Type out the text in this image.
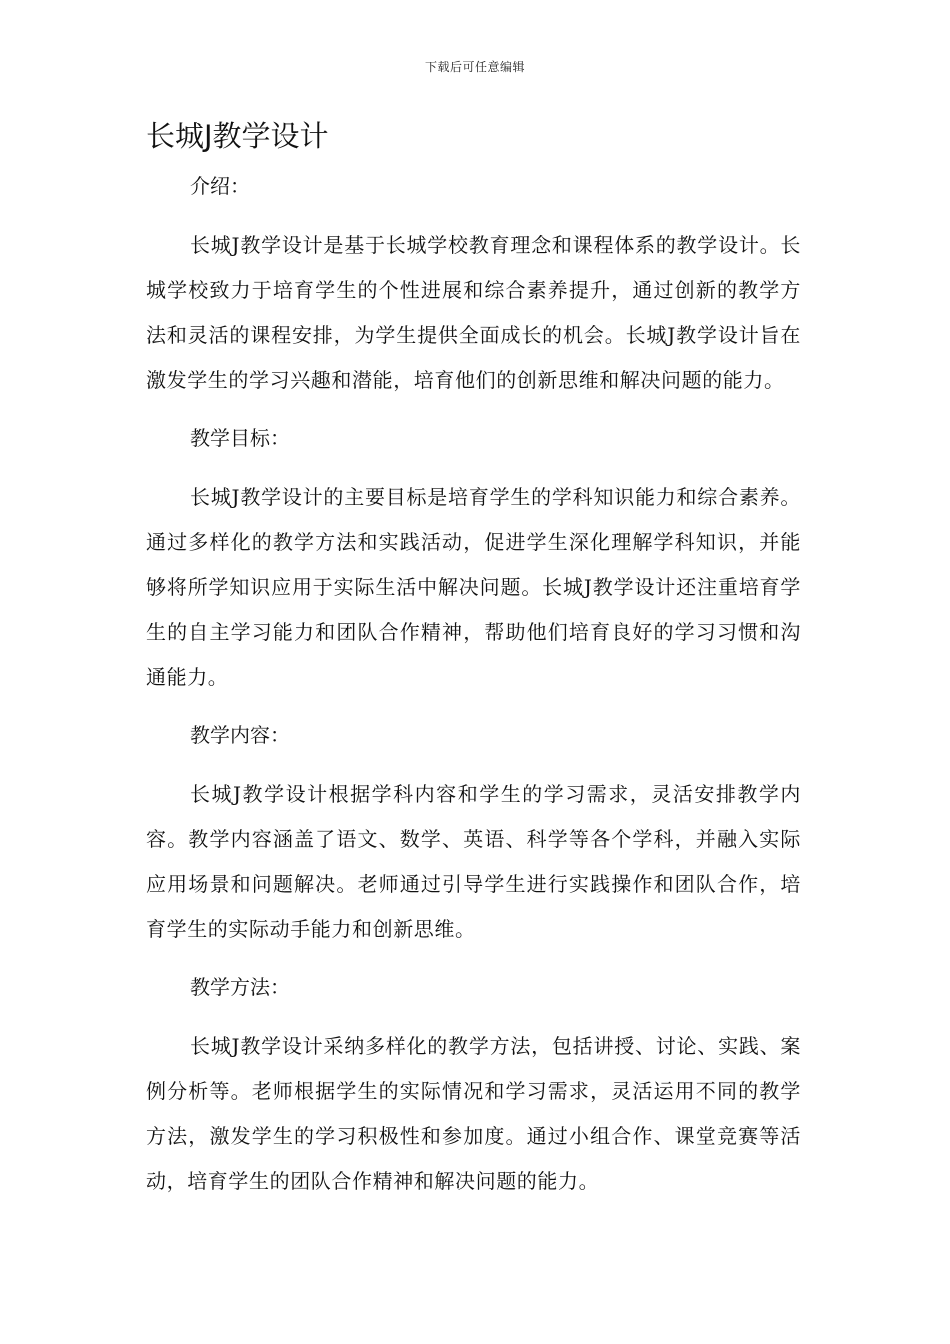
下载后可任意编辑
长城J教学设计
介绍：

长城J教学设计是基于长城学校教育理念和课程体系的教学设计。长城学校致力于培育学生的个性进展和综合素养提升，通过创新的教学方法和灵活的课程安排，为学生提供全面成长的机会。长城J教学设计旨在激发学生的学习兴趣和潜能，培育他们的创新思维和解决问题的能力。

教学目标：

长城J教学设计的主要目标是培育学生的学科知识能力和综合素养。通过多样化的教学方法和实践活动，促进学生深化理解学科知识，并能够将所学知识应用于实际生活中解决问题。长城J教学设计还注重培育学生的自主学习能力和团队合作精神，帮助他们培育良好的学习习惯和沟通能力。

教学内容：

长城J教学设计根据学科内容和学生的学习需求，灵活安排教学内容。教学内容涵盖了语文、数学、英语、科学等各个学科，并融入实际应用场景和问题解决。老师通过引导学生进行实践操作和团队合作，培育学生的实际动手能力和创新思维。

教学方法：

长城J教学设计采纳多样化的教学方法，包括讲授、讨论、实践、案例分析等。老师根据学生的实际情况和学习需求，灵活运用不同的教学方法，激发学生的学习积极性和参加度。通过小组合作、课堂竞赛等活动，培育学生的团队合作精神和解决问题的能力。
